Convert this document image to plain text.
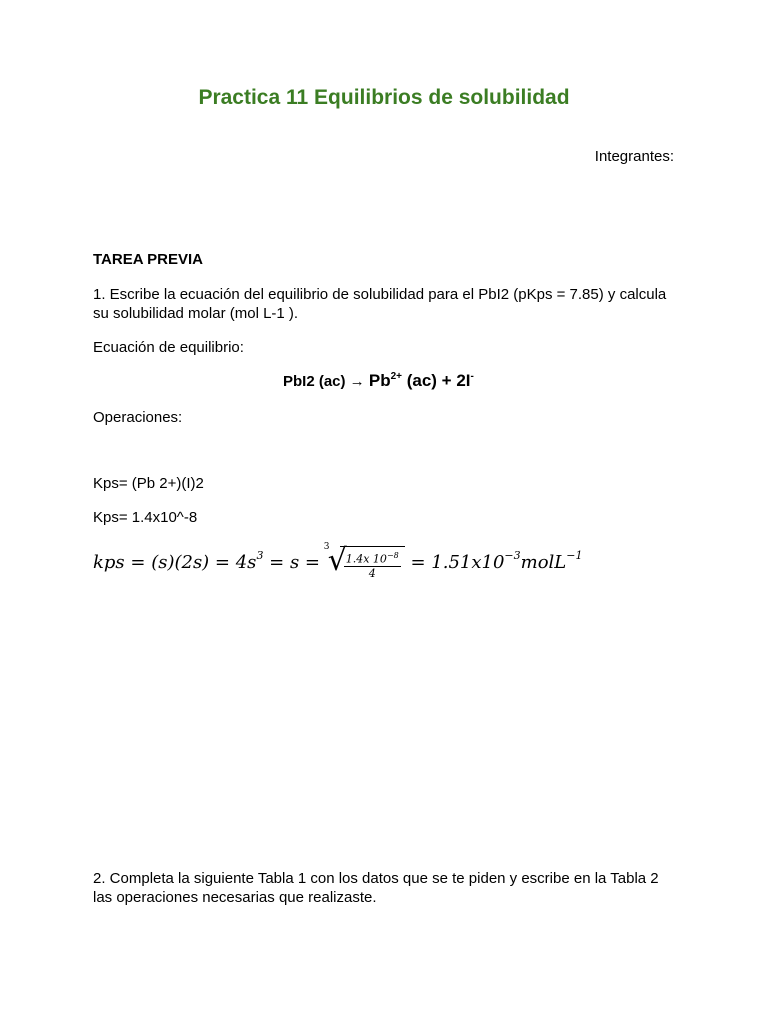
Practica 11 Equilibrios de solubilidad
Integrantes:
TAREA PREVIA
1. Escribe la ecuación del equilibrio de solubilidad para el PbI2 (pKps = 7.85) y calcula
su solubilidad molar (mol L-1 ).
Ecuación de equilibrio:
PbI2 $(ac) \to Pb^{2+}$ (ac) + 2I-
Operaciones:
Kps= (Pb 2+)(I)2
Kps= 1.4x10^-8
kps = $(s)(2s) = 4s^3 = s$ =
3
√
$\frac{1.4x 10^{-8}}{4}$ = $1.51x10^{-3}molL^{-1}$
2. Completa la siguiente Tabla 1 con los datos que se te piden y escribe en la Tabla 2
las operaciones necesarias que realizaste.
